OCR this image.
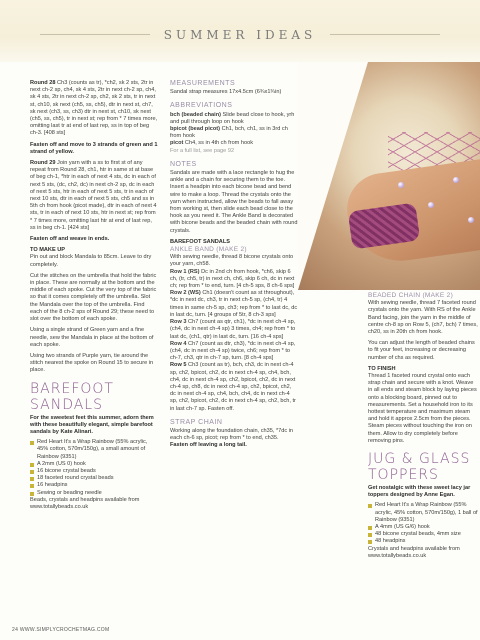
SUMMER IDEAS

Round 28 Ch3 (counts as tr), *ch2, sk 2 sts, 2tr in next ch-2 sp, ch4, sk 4 sts, 2tr in next ch-2 sp, ch4, sk 4 sts, 2tr in next ch-2 sp, ch2, sk 2 sts, tr in next st, ch10, sk next (ch5, ss, ch5), dtr in next st, ch7, sk next (ch3, ss, ch3) dtr in next st, ch10, sk next (ch5, ss, ch5), tr in next st; rep from * 7 times more, omitting last tr at end of last rep, ss in top of beg ch-3. [408 sts]

Fasten off and move to 3 strands of green and 1 strand of yellow.

Round 29 Join yarn with a ss to first st of any repeat from Round 28, ch1, htr in same st at base of beg ch-1, *htr in each of next 4 sts, dc in each of next 5 sts, (dc, ch2, dc) in next ch-2 sp, dc in each of next 5 sts, htr in each of next 5 sts, tr in each of next 10 sts, dtr in each of next 5 sts, ch5 and ss in 5th ch from hook (picot made), dtr in each of next 4 sts, tr in each of next 10 sts, htr in next st; rep from * 7 times more, omitting last htr at end of last rep, ss in beg ch-1. [424 sts]

Fasten off and weave in ends.

TO MAKE UP

Pin out and block Mandala to 85cm. Leave to dry completely.

Cut the stitches on the umbrella that hold the fabric in place. These are normally at the bottom and the middle of each spoke. Cut the very top of the fabric so that it comes completely off the umbrella. Slot the Mandala over the top of the umbrella. Find each of the 8 ch-2 sps of Round 29; these need to slot over the bottom of each spoke.

Using a single strand of Green yarn and a fine needle, sew the Mandala in place at the bottom of each spoke.

Using two strands of Purple yarn, tie around the stitch nearest the spoke on Round 15 to secure in place.

BAREFOOT SANDALS

For the sweetest feet this summer, adorn them with these beautifully elegant, simple barefoot sandals by Kate Alinari.

Red Heart It's a Wrap Rainbow (55% acrylic, 45% cotton, 570m/150g), a small amount of Rainbow (9351)
A 2mm (US 0) hook
16 bicone crystal beads
18 faceted round crystal beads
16 headpins
Sewing or beading needle

Beads, crystals and headpins available from www.totallybeads.co.uk

MEASUREMENTS

Sandal strap measures 17x4.5cm (6¾x1¾in)

ABBREVIATIONS

bch (beaded chain) Slide bead close to hook, yrh and pull through loop on hook

bpicot (bead picot) Ch1, bch, ch1, ss in 3rd ch from hook

picot Ch4, ss in 4th ch from hook

For a full list, see page 92

NOTES

Sandals are made with a lace rectangle to hug the ankle and a chain for securing them to the toe. Insert a headpin into each bicone bead and bend wire to make a loop. Thread the crystals onto the yarn when instructed, allow the beads to fall away from working st, then slide each bead close to the hook as you need it. The Ankle Band is decorated with bicone beads and the beaded chain with round crystals.

BAREFOOT SANDALS
ANKLE BAND (MAKE 2)

With sewing needle, thread 8 bicone crystals onto your yarn, ch58.

Row 1 (RS) Dc in 2nd ch from hook, *ch6, skip 6 ch, (tr, ch5, tr) in next ch, ch6, skip 6 ch, dc in next ch; rep from * to end, turn. [4 ch-5 sps, 8 ch-6 sps]

Row 2 (WS) Ch1 (doesn't count as st throughout), *dc in next dc, ch3, tr in next ch-5 sp, (ch4, tr) 4 times in same ch-5 sp, ch3; rep from * to last dc, dc in last dc, turn. [4 groups of 5tr, 8 ch-3 sps]

Row 3 Ch7 (count as qtr, ch1), *dc in next ch-4 sp, (ch4, dc in next ch-4 sp) 3 times, ch4; rep from * to last dc, (ch1, qtr) in last dc, turn. [16 ch-4 sps]

Row 4 Ch7 (count as dtr, ch3), *dc in next ch-4 sp, (ch4, dc in next ch-4 sp) twice, ch6; rep from * to ch-7, ch3, qtr in ch-7 sp, turn. [8 ch-4 sps]

Row 5 Ch3 (count as tr), bch, ch3, dc in next ch-4 sp, ch2, bpicot, ch2, dc in next ch-4 sp, ch4, bch, ch4, dc in next ch-4 sp, ch2, bpicot, ch2, dc in next ch-4 sp, ch8, dc in next ch-4 sp, ch2, bpicot, ch2, dc in next ch-4 sp, ch4, bch, ch4, dc in next ch-4 sp, ch2, bpicot, ch2, dc in next ch-4 sp, ch2, bch, tr in last ch-7 sp. Fasten off.

STRAP CHAIN

Working along the foundation chain, ch35, *7dc in each ch-6 sp, picot; rep from * to end, ch35.

Fasten off leaving a long tail.

BEADED CHAIN (MAKE 2)

With sewing needle, thread 7 faceted round crystals onto the yarn. With RS of the Ankle Band facing, join the yarn in the middle of centre ch-8 sp on Row 5, (ch7, bch) 7 times, ch20, ss in 20th ch from hook.

You can adjust the length of beaded chains to fit your feet, increasing or decreasing number of chs as required.

TO FINISH

Thread 1 faceted round crystal onto each strap chain and secure with a knot. Weave in all ends and steam block by laying pieces onto a blocking board, pinned out to measurements. Set a household iron to its hottest temperature and maximum steam and hold it approx 2.5cm from the pieces. Steam pieces without touching the iron on them. Allow to dry completely before removing pins.

JUG & GLASS TOPPERS

Get nostalgic with these sweet lacy jar toppers designed by Anne Egan.

Red Heart It's a Wrap Rainbow (55% acrylic, 45% cotton, 570m/150g), 1 ball of Rainbow (9351)
A 4mm (US G/6) hook
48 bicone crystal beads, 4mm size
48 headpins

Crystals and headpins available from www.totallybeads.co.uk

24 WWW.SIMPLYCROCHETMAG.COM
